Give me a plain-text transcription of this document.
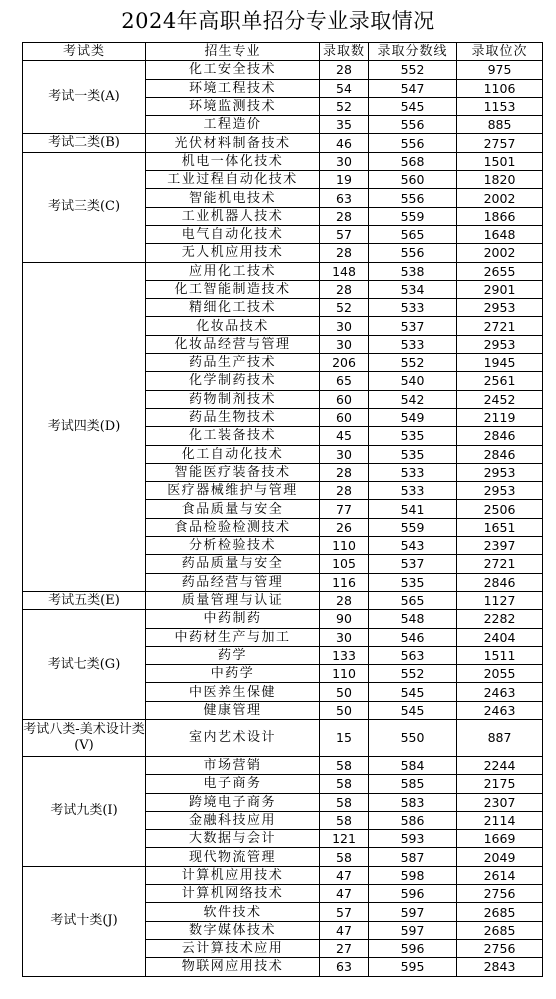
2024年高职单招分专业录取情况
考试类	招生专业	录取数	录取分数线	录取位次
考试一类(A)	化工安全技术	28	552	975
	环境工程技术	54	547	1106
	环境监测技术	52	545	1153
	工程造价	35	556	885
考试二类(B)	光伏材料制备技术	46	556	2757
考试三类(C)	机电一体化技术	30	568	1501
	工业过程自动化技术	19	560	1820
	智能机电技术	63	556	2002
	工业机器人技术	28	559	1866
	电气自动化技术	57	565	1648
	无人机应用技术	28	556	2002
考试四类(D)	应用化工技术	148	538	2655
	化工智能制造技术	28	534	2901
	精细化工技术	52	533	2953
	化妆品技术	30	537	2721
	化妆品经营与管理	30	533	2953
	药品生产技术	206	552	1945
	化学制药技术	65	540	2561
	药物制剂技术	60	542	2452
	药品生物技术	60	549	2119
	化工装备技术	45	535	2846
	化工自动化技术	30	535	2846
	智能医疗装备技术	28	533	2953
	医疗器械维护与管理	28	533	2953
	食品质量与安全	77	541	2506
	食品检验检测技术	26	559	1651
	分析检验技术	110	543	2397
	药品质量与安全	105	537	2721
	药品经营与管理	116	535	2846
考试五类(E)	质量管理与认证	28	565	1127
考试七类(G)	中药制药	90	548	2282
	中药材生产与加工	30	546	2404
	药学	133	563	1511
	中药学	110	552	2055
	中医养生保健	50	545	2463
	健康管理	50	545	2463
考试八类-美术设计类(V)	室内艺术设计	15	550	887
考试九类(I)	市场营销	58	584	2244
	电子商务	58	585	2175
	跨境电子商务	58	583	2307
	金融科技应用	58	586	2114
	大数据与会计	121	593	1669
	现代物流管理	58	587	2049
考试十类(J)	计算机应用技术	47	598	2614
	计算机网络技术	47	596	2756
	软件技术	57	597	2685
	数字媒体技术	47	597	2685
	云计算技术应用	27	596	2756
	物联网应用技术	63	595	2843
